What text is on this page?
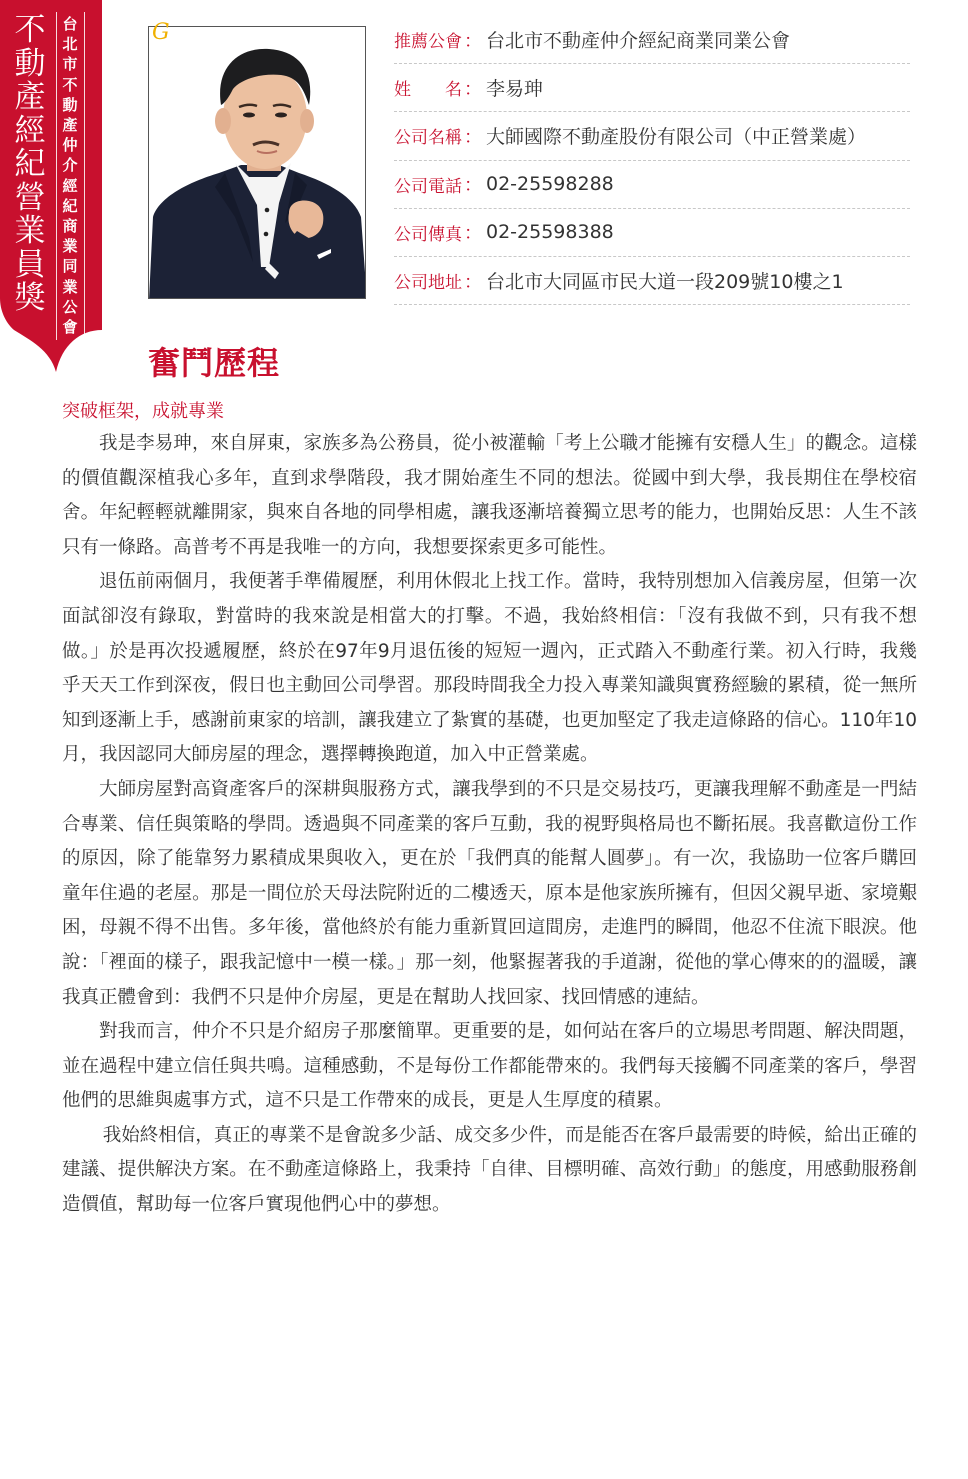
不
動
產
經
紀
營
業
員
獎
台
北
市
不
動
產
仲
介
經
紀
商
業
同
業
公
會
G	推薦公會 ： 台北市不動產仲介經紀商業同業公會
姓　　名 ： 李易珅
公司名稱 ： 大師國際不動產股份有限公司（中正營業處）
公司電話 ： 02-25598288
公司傳真 ： 02-25598388
公司地址 ： 台北市大同區市民大道一段209號10樓之1
奮鬥歷程
突破框架，成就專業

我是李易珅，來自屏東，家族多為公務員，從小被灌輸「考上公職才能擁有安穩人生」的觀念。這樣的價值觀深植我心多年，直到求學階段，我才開始產生不同的想法。從國中到大學，我長期住在學校宿舍。年紀輕輕就離開家，與來自各地的同學相處，讓我逐漸培養獨立思考的能力，也開始反思：人生不該只有一條路。高普考不再是我唯一的方向，我想要探索更多可能性。

退伍前兩個月，我便著手準備履歷，利用休假北上找工作。當時，我特別想加入信義房屋，但第一次面試卻沒有錄取，對當時的我來說是相當大的打擊。不過，我始終相信：「沒有我做不到，只有我不想做。」於是再次投遞履歷，終於在97年9月退伍後的短短一週內，正式踏入不動產行業。初入行時，我幾乎天天工作到深夜，假日也主動回公司學習。那段時間我全力投入專業知識與實務經驗的累積，從一無所知到逐漸上手，感謝前東家的培訓，讓我建立了紮實的基礎，也更加堅定了我走這條路的信心。110年10月，我因認同大師房屋的理念，選擇轉換跑道，加入中正營業處。

大師房屋對高資產客戶的深耕與服務方式，讓我學到的不只是交易技巧，更讓我理解不動產是一門結合專業、信任與策略的學問。透過與不同產業的客戶互動，我的視野與格局也不斷拓展。我喜歡這份工作的原因，除了能靠努力累積成果與收入，更在於「我們真的能幫人圓夢」。有一次，我協助一位客戶購回童年住過的老屋。那是一間位於天母法院附近的二樓透天，原本是他家族所擁有，但因父親早逝、家境艱困，母親不得不出售。多年後，當他終於有能力重新買回這間房，走進門的瞬間，他忍不住流下眼淚。他說：「裡面的樣子，跟我記憶中一模一樣。」那一刻，他緊握著我的手道謝，從他的掌心傳來的的溫暖，讓我真正體會到：我們不只是仲介房屋，更是在幫助人找回家、找回情感的連結。

對我而言，仲介不只是介紹房子那麼簡單。更重要的是，如何站在客戶的立場思考問題、解決問題，並在過程中建立信任與共鳴。這種感動，不是每份工作都能帶來的。我們每天接觸不同產業的客戶，學習他們的思維與處事方式，這不只是工作帶來的成長，更是人生厚度的積累。

我始終相信，真正的專業不是會說多少話、成交多少件，而是能否在客戶最需要的時候，給出正確的建議、提供解決方案。在不動產這條路上，我秉持「自律、目標明確、高效行動」的態度，用感動服務創造價值，幫助每一位客戶實現他們心中的夢想。
